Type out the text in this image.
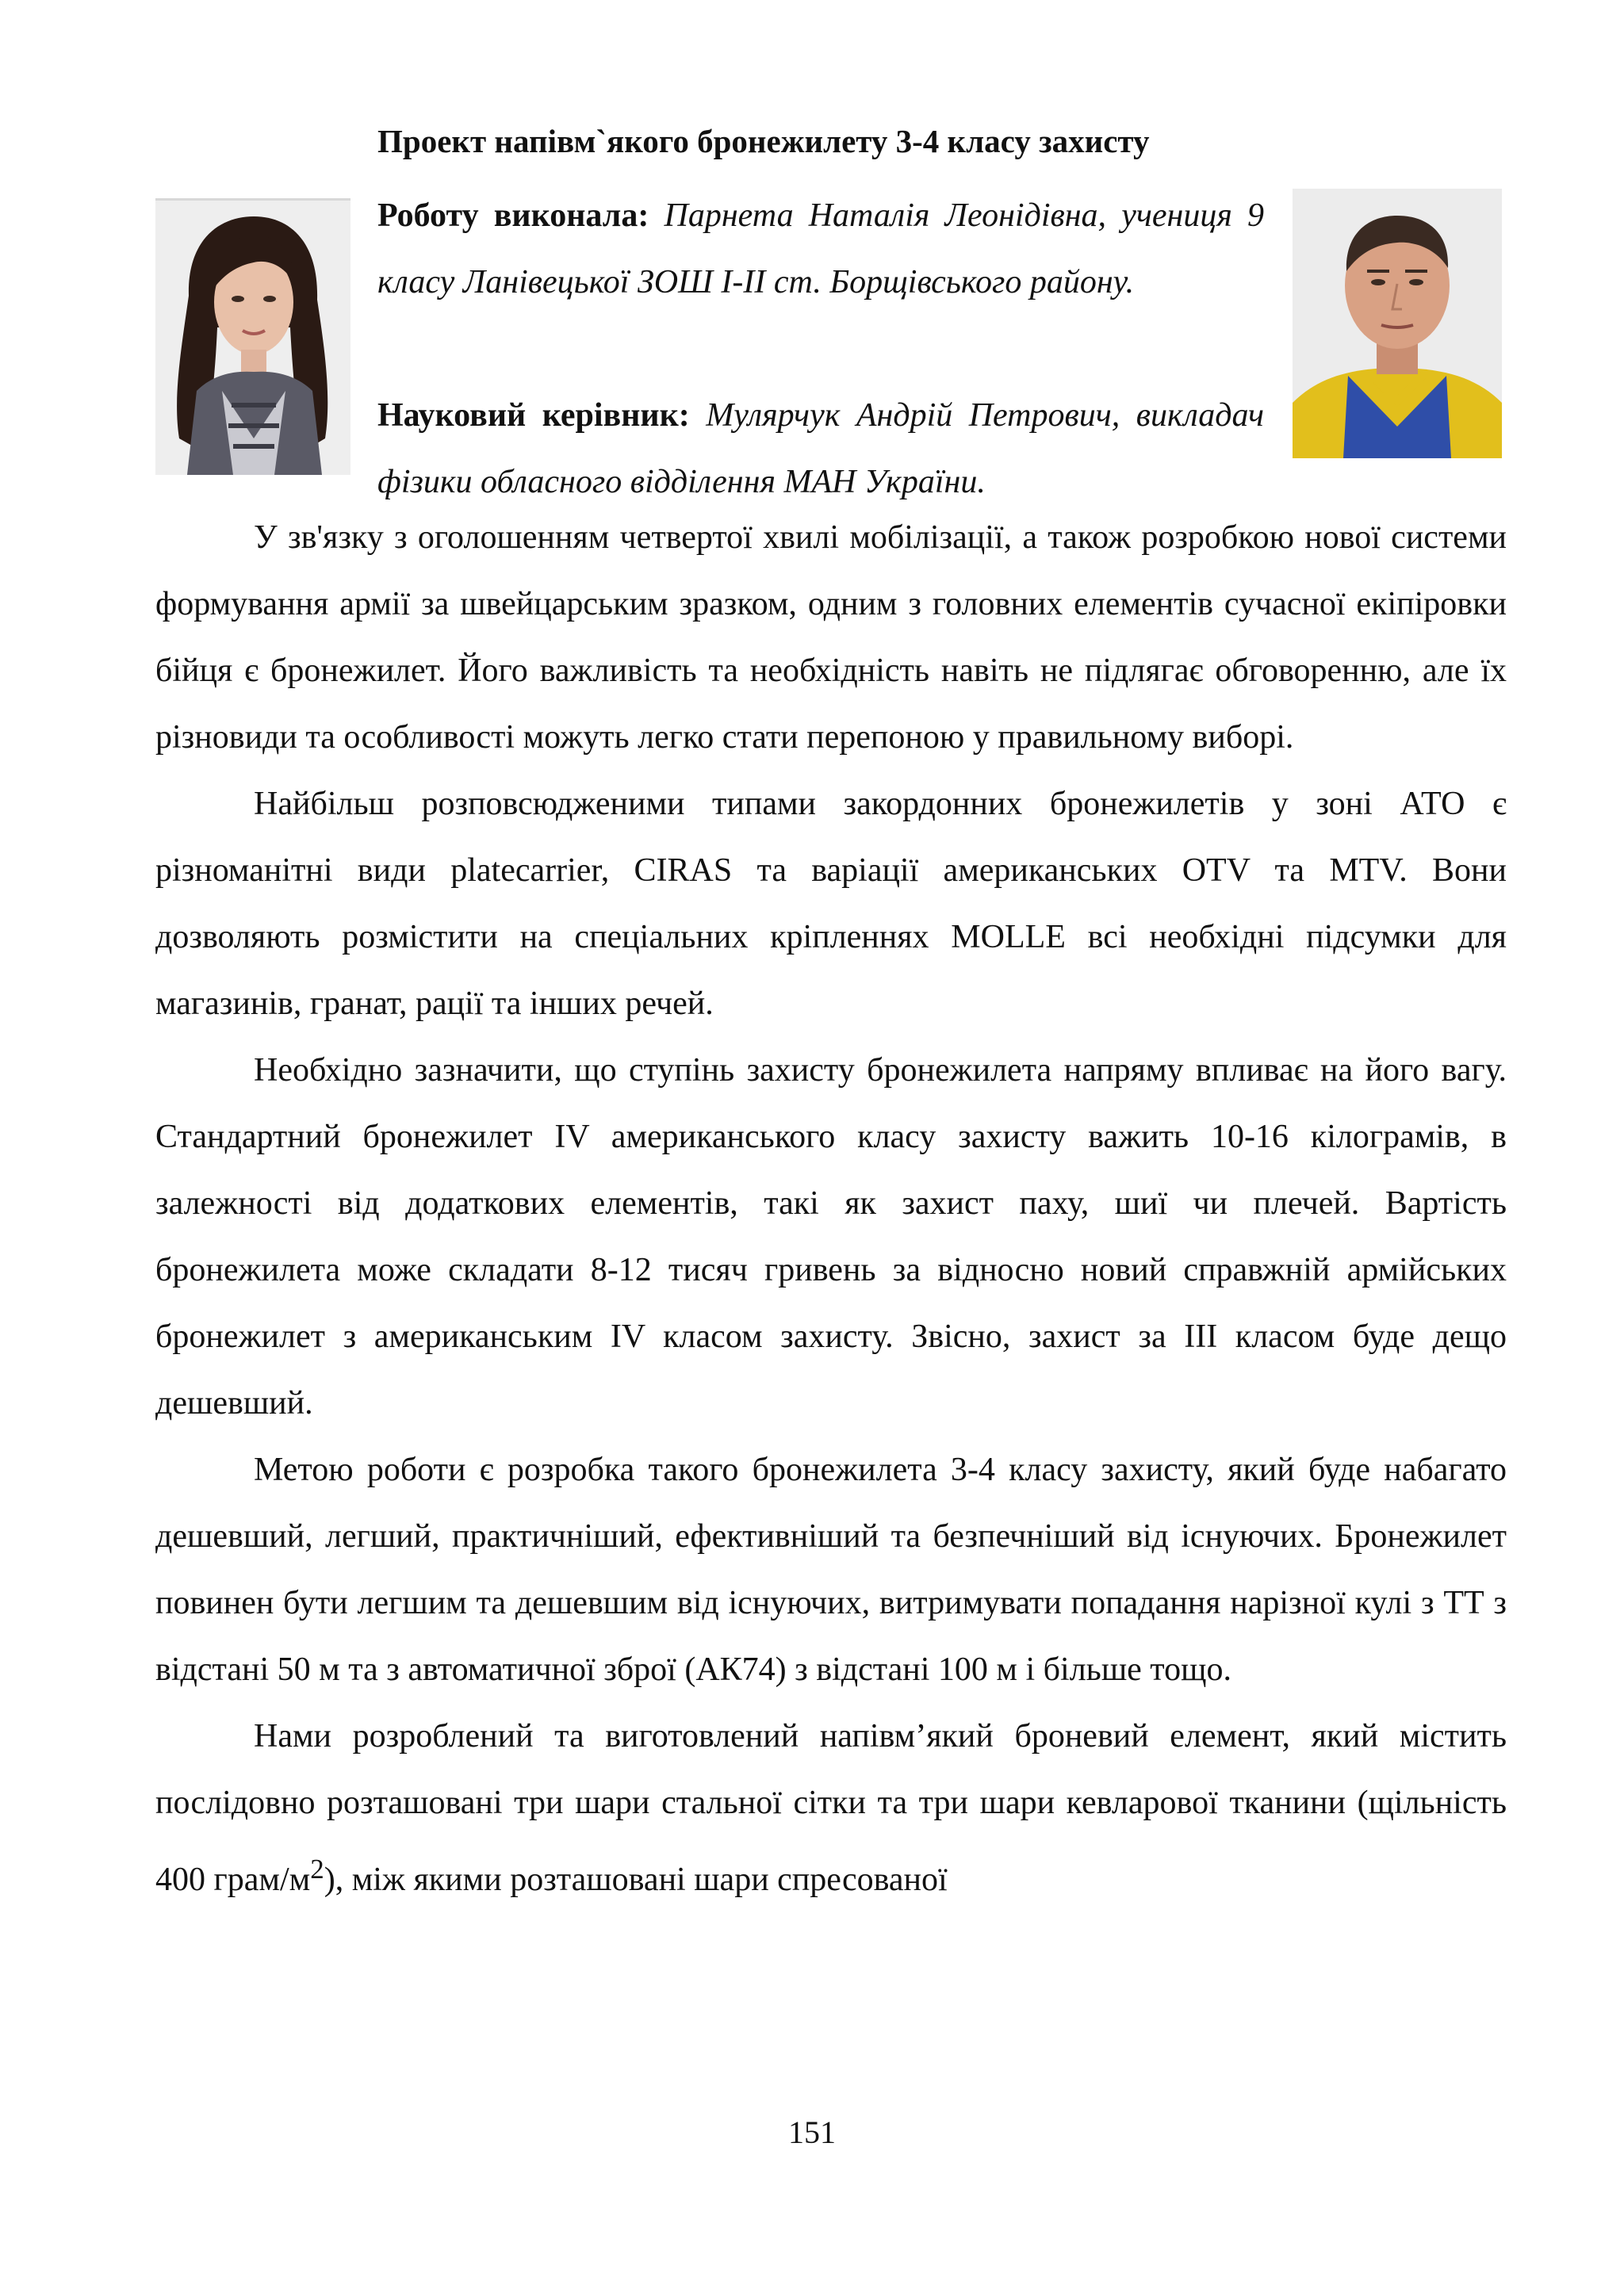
Проект напівм`якого бронежилету 3-4 класу захисту
Роботу виконала: Парнета Наталія Леонідівна, учениця 9 класу Ланівецької ЗОШ І-ІІ ст. Борщівського району.
Науковий керівник: Мулярчук Андрій Петрович, викладач фізики обласного відділення МАН України.

У зв'язку з оголошенням четвертої хвилі мобілізації, а також розробкою нової системи формування армії за швейцарським зразком, одним з головних елементів сучасної екіпіровки бійця є бронежилет. Його важливість та необхідність навіть не підлягає обговоренню, але їх різновиди та особливості можуть легко стати перепоною у правильному виборі.

Найбільш розповсюдженими типами закордонних бронежилетів у зоні АТО є різноманітні види platecarrier, CIRAS та варіації американських OTV та MTV. Вони дозволяють розмістити на спеціальних кріпленнях MOLLE всі необхідні підсумки для магазинів, гранат, рації та інших речей.

Необхідно зазначити, що ступінь захисту бронежилета напряму впливає на його вагу. Стандартний бронежилет IV американського класу захисту важить 10-16 кілограмів, в залежності від додаткових елементів, такі як захист паху, шиї чи плечей. Вартість бронежилета може складати 8-12 тисяч гривень за відносно новий справжній армійських бронежилет з американським IV класом захисту. Звісно, захист за ІІІ класом буде дещо дешевший.

Метою роботи є розробка такого бронежилета 3-4 класу захисту, який буде набагато дешевший, легший, практичніший, ефективніший та безпечніший від існуючих. Бронежилет повинен бути легшим та дешевшим від існуючих, витримувати попадання нарізної кулі з ТТ з відстані 50 м та з автоматичної зброї (АК74) з відстані 100 м і більше тощо.

Нами розроблений та виготовлений напівм’який броневий елемент, який містить послідовно розташовані три шари стальної сітки та три шари кевларової тканини (щільність 400 грам/$м^2$), між якими розташовані шари спресованої

151
